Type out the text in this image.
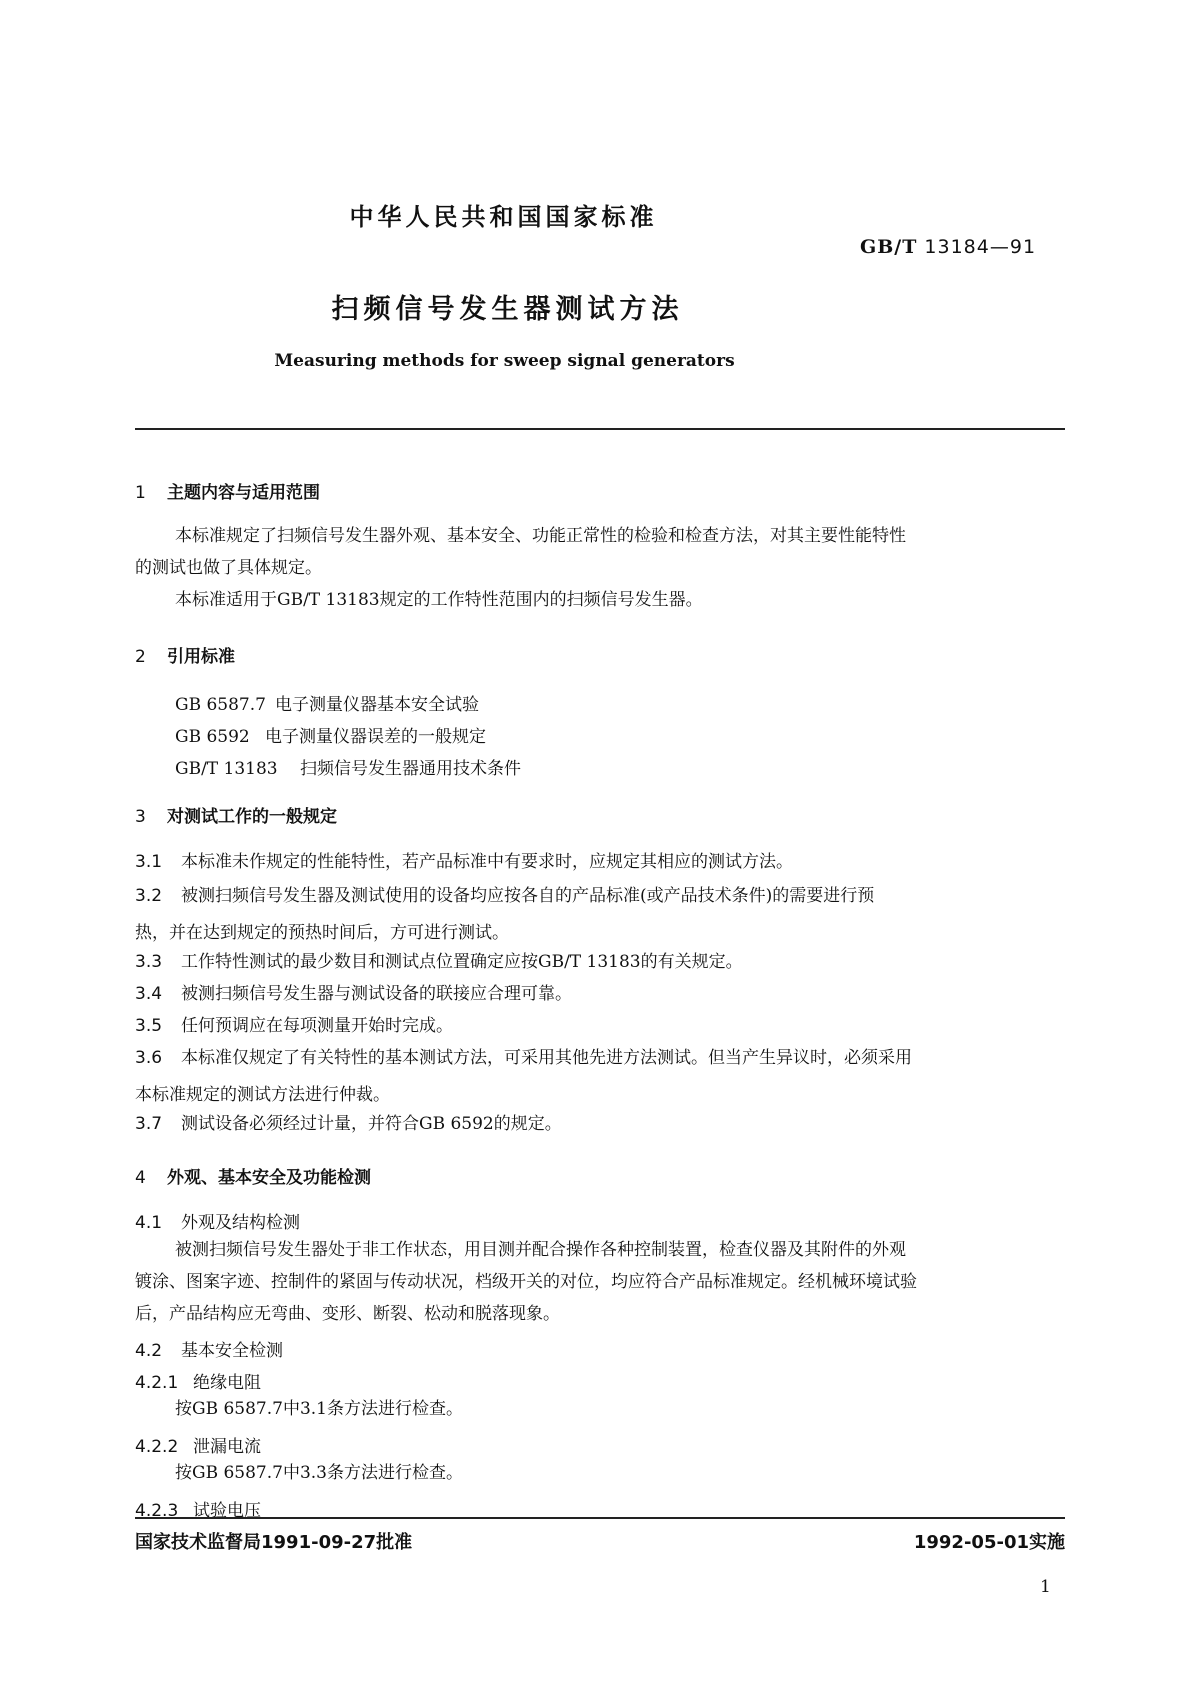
中华人民共和国国家标准
GB/T 13184—91
扫频信号发生器测试方法
Measuring methods for sweep signal generators
1 主题内容与适用范围
本标准规定了扫频信号发生器外观、基本安全、功能正常性的检验和检查方法，对其主要性能特性
的测试也做了具体规定。
本标准适用于GB/T 13183规定的工作特性范围内的扫频信号发生器。
2 引用标准
GB 6587.7 电子测量仪器基本安全试验
GB 6592 电子测量仪器误差的一般规定
GB/T 13183 扫频信号发生器通用技术条件
3 对测试工作的一般规定
3.1 本标准未作规定的性能特性，若产品标准中有要求时，应规定其相应的测试方法。
3.2 被测扫频信号发生器及测试使用的设备均应按各自的产品标准(或产品技术条件)的需要进行预
热，并在达到规定的预热时间后，方可进行测试。
3.3 工作特性测试的最少数目和测试点位置确定应按GB/T 13183的有关规定。
3.4 被测扫频信号发生器与测试设备的联接应合理可靠。
3.5 任何预调应在每项测量开始时完成。
3.6 本标准仅规定了有关特性的基本测试方法，可采用其他先进方法测试。但当产生异议时，必须采用
本标准规定的测试方法进行仲裁。
3.7 测试设备必须经过计量，并符合GB 6592的规定。
4 外观、基本安全及功能检测
4.1 外观及结构检测
被测扫频信号发生器处于非工作状态，用目测并配合操作各种控制装置，检查仪器及其附件的外观
镀涂、图案字迹、控制件的紧固与传动状况，档级开关的对位，均应符合产品标准规定。经机械环境试验
后，产品结构应无弯曲、变形、断裂、松动和脱落现象。
4.2 基本安全检测
4.2.1 绝缘电阻
按GB 6587.7中3.1条方法进行检查。
4.2.2 泄漏电流
按GB 6587.7中3.3条方法进行检查。
4.2.3 试验电压
国家技术监督局1991-09-27批准	1992-05-01实施
1
